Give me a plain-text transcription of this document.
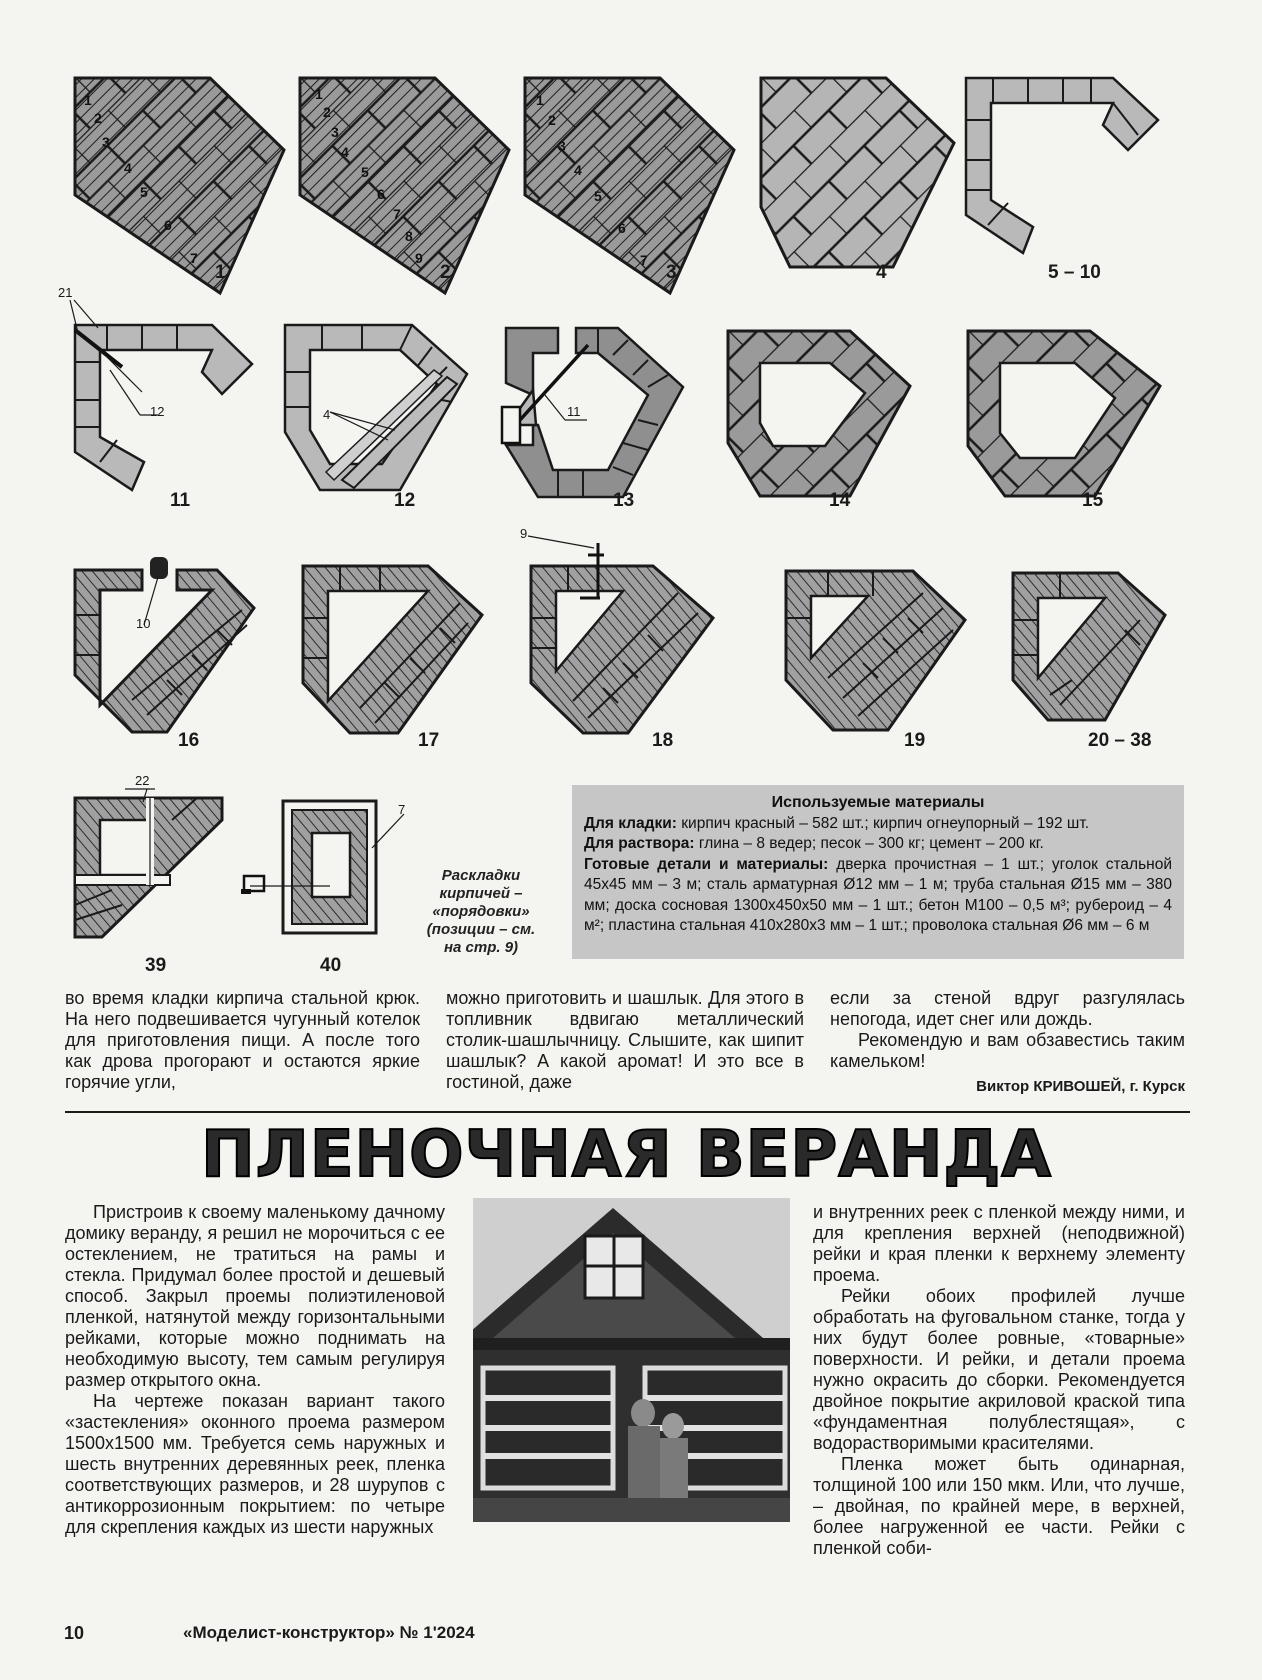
1
2
3
4
5
6
7
1
1
2
3
4
5
6
7
8
9
2
1
2
3
4
5
6
7
3	4	5 – 10
21
12
11
4
12
11
13	14	15
10
16	17
9
18	19	20 – 38
22
39
7
40
Раскладки кирпичей – «порядовки» (позиции – см. на стр. 9)
Используемые материалы

Для кладки: кирпич красный – 582 шт.; кирпич огнеупорный – 192 шт.

Для раствора: глина – 8 ведер; песок – 300 кг; цемент – 200 кг.

Готовые детали и материалы: дверка прочистная – 1 шт.; уголок стальной 45х45 мм – 3 м; сталь арматурная Ø12 мм – 1 м; труба стальная Ø15 мм – 380 мм; доска сосновая 1300х450х50 мм – 1 шт.; бетон М100 – 0,5 м³; рубероид – 4 м²; пластина стальная 410х280х3 мм – 1 шт.; проволока стальная Ø6 мм – 6 м

во время кладки кирпича стальной крюк. На него подвешивается чугунный котелок для приготовления пищи. А после того как дрова прогорают и остаются яркие горячие угли,

можно приготовить и шашлык. Для этого в топливник вдвигаю металлический столик-шашлычницу. Слышите, как шипит шашлык? А какой аромат! И это все в гостиной, даже

если за стеной вдруг разгулялась непогода, идет снег или дождь.

Рекомендую и вам обзавестись таким камельком!

Виктор КРИВОШЕЙ, г. Курск
ПЛЕНОЧНАЯ ВЕРАНДА

Пристроив к своему маленькому дачному домику веранду, я решил не морочиться с ее остеклением, не тратиться на рамы и стекла. Придумал более простой и дешевый способ. Закрыл проемы полиэтиленовой пленкой, натянутой между горизонтальными рейками, которые можно поднимать на необходимую высоту, тем самым регулируя размер открытого окна.

На чертеже показан вариант такого «застекления» оконного проема размером 1500х1500 мм. Требуется семь наружных и шесть внутренних деревянных реек, пленка соответствующих размеров, и 28 шурупов с антикоррозионным покрытием: по четыре для скрепления каждых из шести наружных

и внутренних реек с пленкой между ними, и для крепления верхней (неподвижной) рейки и края пленки к верхнему элементу проема.

Рейки обоих профилей лучше обработать на фуговальном станке, тогда у них будут более ровные, «товарные» поверхности. И рейки, и детали проема нужно окрасить до сборки. Рекомендуется двойное покрытие акриловой краской типа «фундаментная полублестящая», с водорастворимыми красителями.

Пленка может быть одинарная, толщиной 100 или 150 мкм. Или, что лучше, – двойная, по крайней мере, в верхней, более нагруженной ее части. Рейки с пленкой соби-

10	«Моделист-конструктор» № 1'2024
